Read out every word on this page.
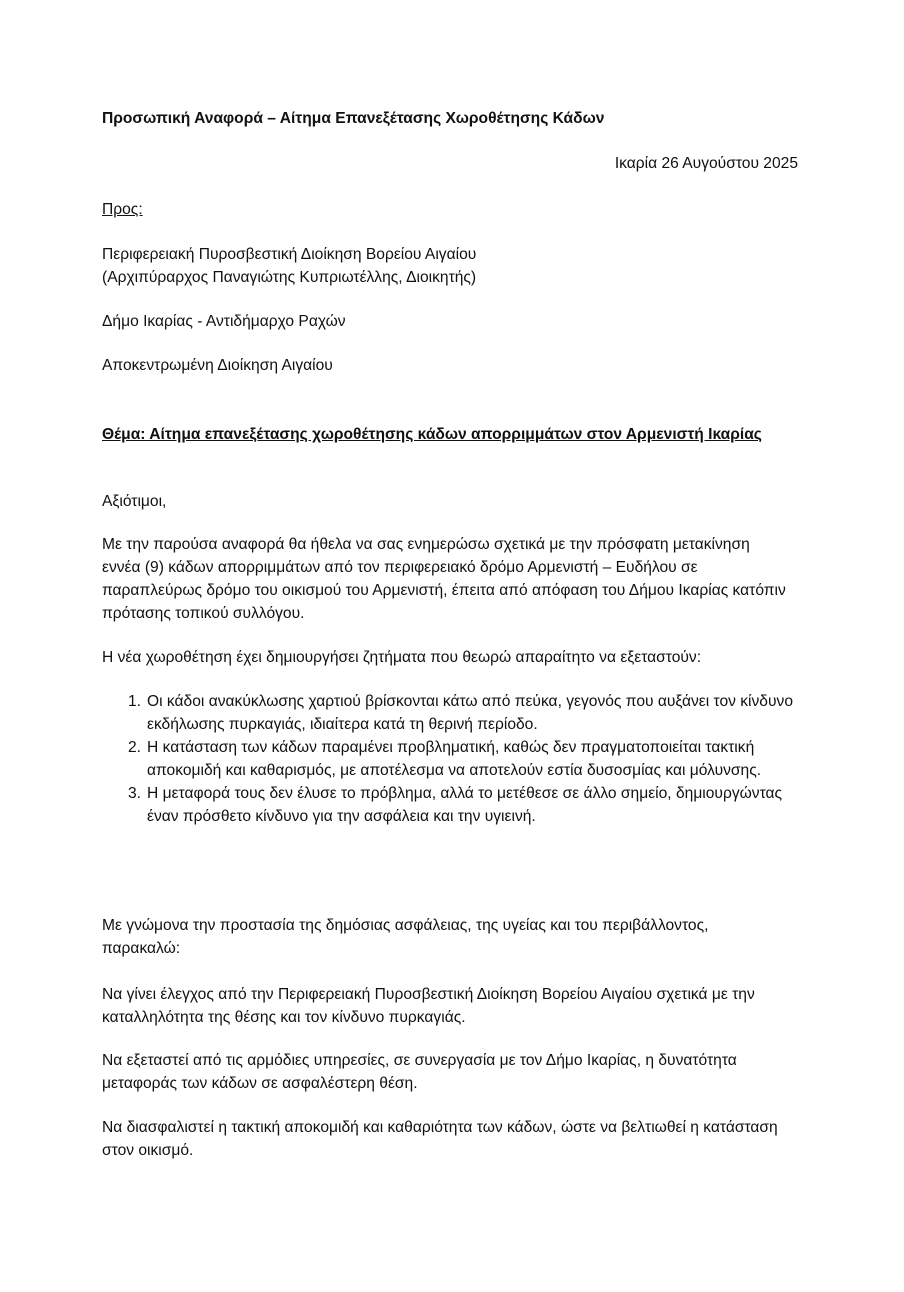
Προσωπική Αναφορά – Αίτημα Επανεξέτασης Χωροθέτησης Κάδων

Ικαρία 26 Αυγούστου 2025

Προς:

Περιφερειακή Πυροσβεστική Διοίκηση Βορείου Αιγαίου
(Αρχιπύραρχος Παναγιώτης Κυπριωτέλλης, Διοικητής)

Δήμο Ικαρίας - Αντιδήμαρχο Ραχών

Αποκεντρωμένη Διοίκηση Αιγαίου

Θέμα: Αίτημα επανεξέτασης χωροθέτησης κάδων απορριμμάτων στον Αρμενιστή Ικαρίας

Αξιότιμοι,

Με την παρούσα αναφορά θα ήθελα να σας ενημερώσω σχετικά με την πρόσφατη μετακίνηση εννέα (9) κάδων απορριμμάτων από τον περιφερειακό δρόμο Αρμενιστή – Ευδήλου σε παραπλεύρως δρόμο του οικισμού του Αρμενιστή, έπειτα από απόφαση του Δήμου Ικαρίας κατόπιν πρότασης τοπικού συλλόγου.

Η νέα χωροθέτηση έχει δημιουργήσει ζητήματα που θεωρώ απαραίτητο να εξεταστούν:

1. Οι κάδοι ανακύκλωσης χαρτιού βρίσκονται κάτω από πεύκα, γεγονός που αυξάνει τον κίνδυνο εκδήλωσης πυρκαγιάς, ιδιαίτερα κατά τη θερινή περίοδο.
2. Η κατάσταση των κάδων παραμένει προβληματική, καθώς δεν πραγματοποιείται τακτική αποκομιδή και καθαρισμός, με αποτέλεσμα να αποτελούν εστία δυσοσμίας και μόλυνσης.
3. Η μεταφορά τους δεν έλυσε το πρόβλημα, αλλά το μετέθεσε σε άλλο σημείο, δημιουργώντας έναν πρόσθετο κίνδυνο για την ασφάλεια και την υγιεινή.

Με γνώμονα την προστασία της δημόσιας ασφάλειας, της υγείας και του περιβάλλοντος, παρακαλώ:

Να γίνει έλεγχος από την Περιφερειακή Πυροσβεστική Διοίκηση Βορείου Αιγαίου σχετικά με την καταλληλότητα της θέσης και τον κίνδυνο πυρκαγιάς.

Να εξεταστεί από τις αρμόδιες υπηρεσίες, σε συνεργασία με τον Δήμο Ικαρίας, η δυνατότητα μεταφοράς των κάδων σε ασφαλέστερη θέση.

Να διασφαλιστεί η τακτική αποκομιδή και καθαριότητα των κάδων, ώστε να βελτιωθεί η κατάσταση στον οικισμό.
